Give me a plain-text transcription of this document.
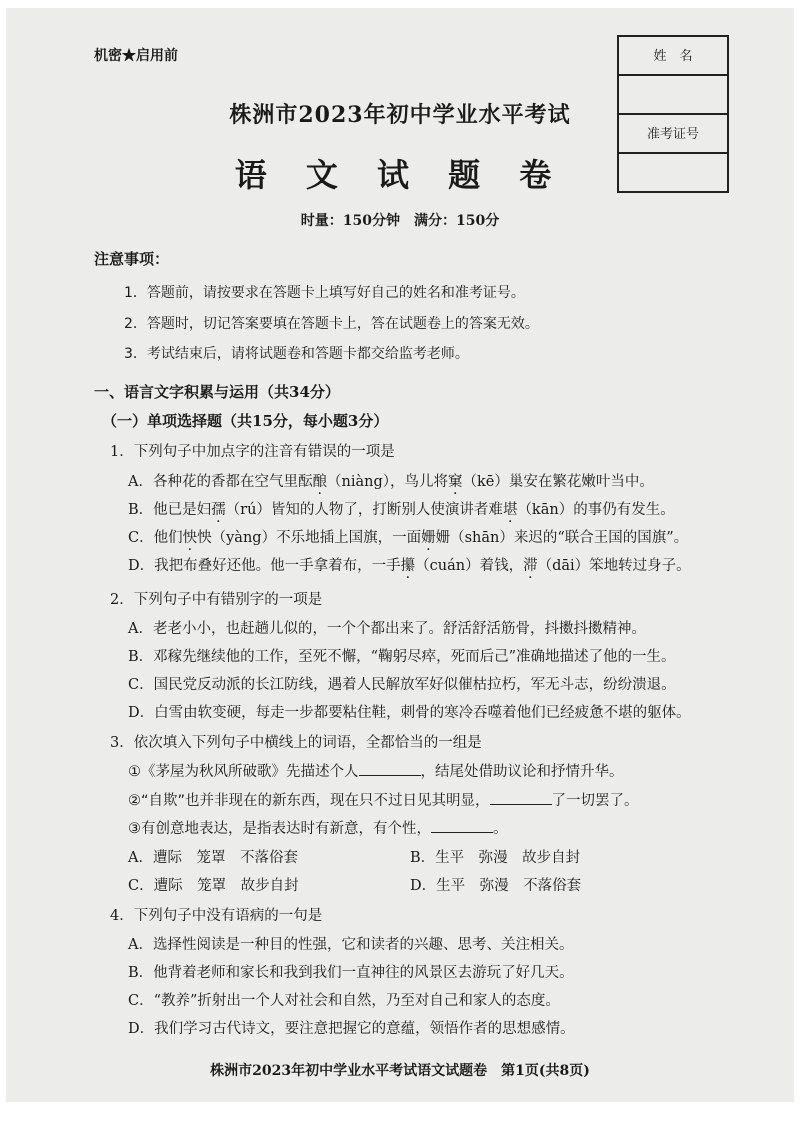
机密★启用前
株洲市2023年初中学业水平考试
语 文 试 题 卷
时量：150分钟　满分：150分
姓　名
准考证号
注意事项：
1．答题前，请按要求在答题卡上填写好自己的姓名和准考证号。
2．答题时，切记答案要填在答题卡上，答在试题卷上的答案无效。
3．考试结束后，请将试题卷和答题卡都交给监考老师。
一、语言文字积累与运用（共34分）
（一）单项选择题（共15分，每小题3分）
1．下列句子中加点字的注音有错误的一项是
A．各种花的香都在空气里酝酿（niàng），鸟儿将窠（kē）巢安在繁花嫩叶当中。
B．他已是妇孺（rú）皆知的人物了，打断别人使演讲者难堪（kān）的事仍有发生。
C．他们怏怏（yàng）不乐地插上国旗，一面姗姗（shān）来迟的“联合王国的国旗”。
D．我把布叠好还他。他一手拿着布，一手攥（cuán）着钱，滞（dāi）笨地转过身子。
2．下列句子中有错别字的一项是
A．老老小小，也赶趟儿似的，一个个都出来了。舒活舒活筋骨，抖擞抖擞精神。
B．邓稼先继续他的工作，至死不懈，“鞠躬尽瘁，死而后己”准确地描述了他的一生。
C．国民党反动派的长江防线，遇着人民解放军好似催枯拉朽，军无斗志，纷纷溃退。
D．白雪由软变硬，每走一步都要粘住鞋，刺骨的寒冷吞噬着他们已经疲惫不堪的躯体。
3．依次填入下列句子中横线上的词语，全都恰当的一组是
①《茅屋为秋风所破歌》先描述个人	，结尾处借助议论和抒情升华。
②“自欺”也并非现在的新东西，现在只不过日见其明显，	了一切罢了。
③有创意地表达，是指表达时有新意，有个性，	。
A．遭际　笼罩　不落俗套	B．生平　弥漫　故步自封
C．遭际　笼罩　故步自封	D．生平　弥漫　不落俗套
4．下列句子中没有语病的一句是
A．选择性阅读是一种目的性强，它和读者的兴趣、思考、关注相关。
B．他背着老师和家长和我到我们一直神往的风景区去游玩了好几天。
C．“教养”折射出一个人对社会和自然，乃至对自己和家人的态度。
D．我们学习古代诗文，要注意把握它的意蕴，领悟作者的思想感情。
株洲市2023年初中学业水平考试语文试题卷　第1页(共8页)
